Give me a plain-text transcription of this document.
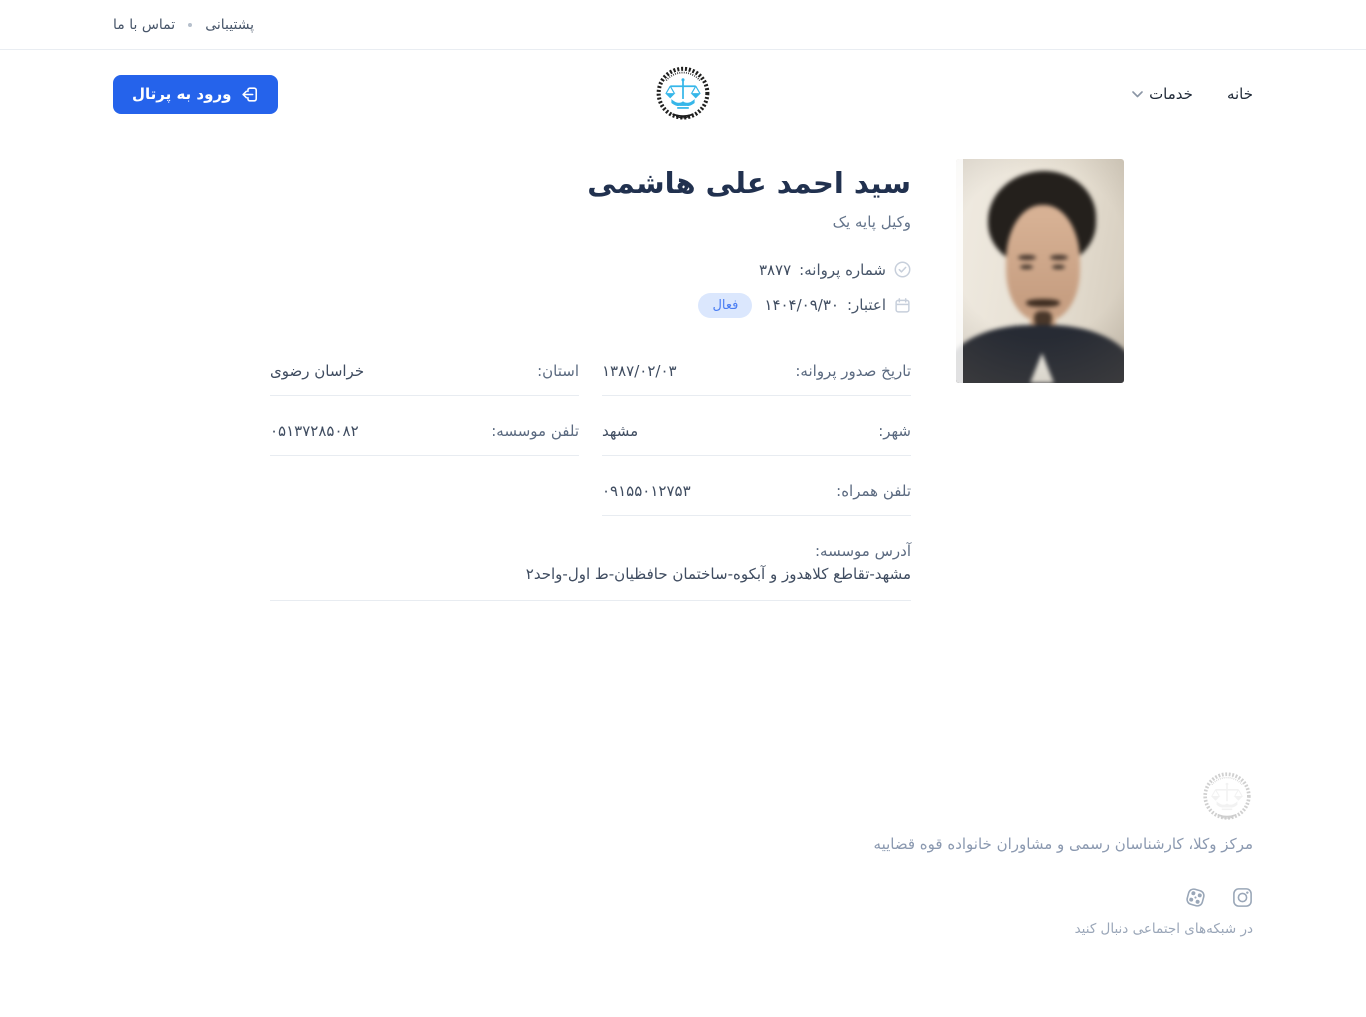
پشتیبانی
تماس با ما
خانه
خدمات
ورود به پرتال
سید احمد علی هاشمی
وکیل پایه یک
شماره پروانه:
۳۸۷۷
اعتبار:
۱۴۰۴/۰۹/۳۰
فعال
تاریخ صدور پروانه:
۱۳۸۷/۰۲/۰۳
استان:
خراسان رضوی
شهر:
مشهد
تلفن موسسه:
۰۵۱۳۷۲۸۵۰۸۲
تلفن همراه:
۰۹۱۵۵۰۱۲۷۵۳
آدرس موسسه:
مشهد-تقاطع کلاهدوز و آبکوه-ساختمان حافظیان-ط اول-واحد۲
مرکز وکلا، کارشناسان رسمی و مشاوران خانواده قوه قضاییه
در شبکه‌های اجتماعی دنبال کنید
